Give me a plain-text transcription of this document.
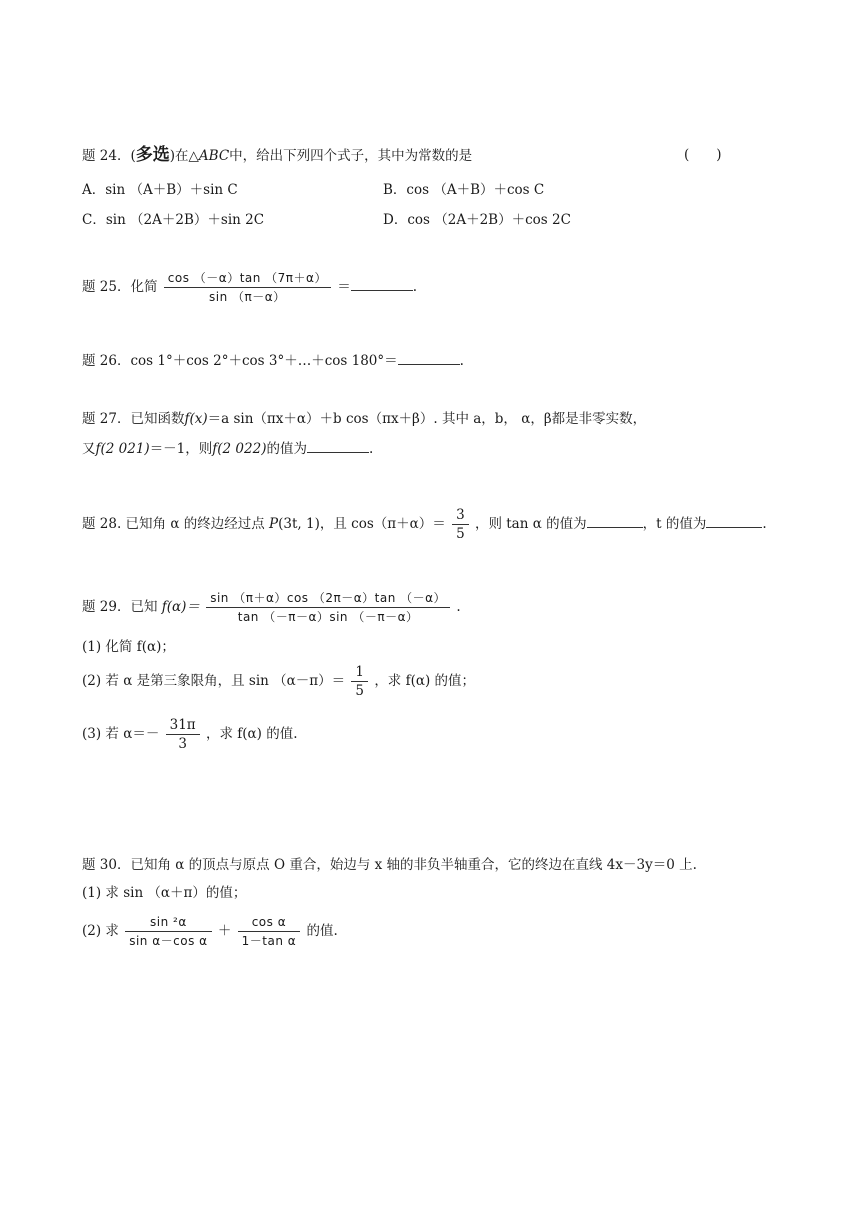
题 24．(多选)在△ABC中，给出下列四个式子，其中为常数的是	(　　)
A．sin （A＋B）＋sin C	B．cos （A＋B）＋cos C
C．sin （2A＋2B）＋sin 2C	D．cos （2A＋2B）＋cos 2C
题 25．化简 $\frac{\cos (-\alpha)\tan (7\pi+\alpha)}{\sin (\pi-\alpha)}$ ＝	.
题 26．cos 1°＋cos 2°＋cos 3°＋…＋cos 180°＝	.
题 27．已知函数f(x)＝a sin（πx＋α）＋b cos（πx＋β）. 其中 a，b， α，β都是非零实数，
又f(2 021)＝－1，则f(2 022)的值为	.
题 28. 已知角 α 的终边经过点 P(3t, 1)，且 $\cos(\pi+\alpha)= \frac{3}{5}$ ，则 tan α 的值为	，t 的值为	.
题 29．已知 $f(\alpha)= \frac{\sin (\pi+\alpha)\cos (2\pi-\alpha)\tan (-\alpha)}{\tan (-\pi-\alpha)\sin (-\pi-\alpha)}$ .
(1) 化简 f(α)；
(2) 若 α 是第三象限角，且 $\sin (\alpha-\pi)= \frac{1}{5}$ ，求 f(α) 的值；
(3) 若 $\alpha=- \frac{31\pi}{3}$ ，求 f(α) 的值.
题 30．已知角 α 的顶点与原点 O 重合，始边与 x 轴的非负半轴重合，它的终边在直线 4x－3y＝0 上.
(1) 求 sin （α＋π）的值；
(2) 求 $\frac{\text{sin ²α}}{\text{sin α－cos α}} + \frac{\text{cos α}}{\text{1－tan α}}$ 的值.
